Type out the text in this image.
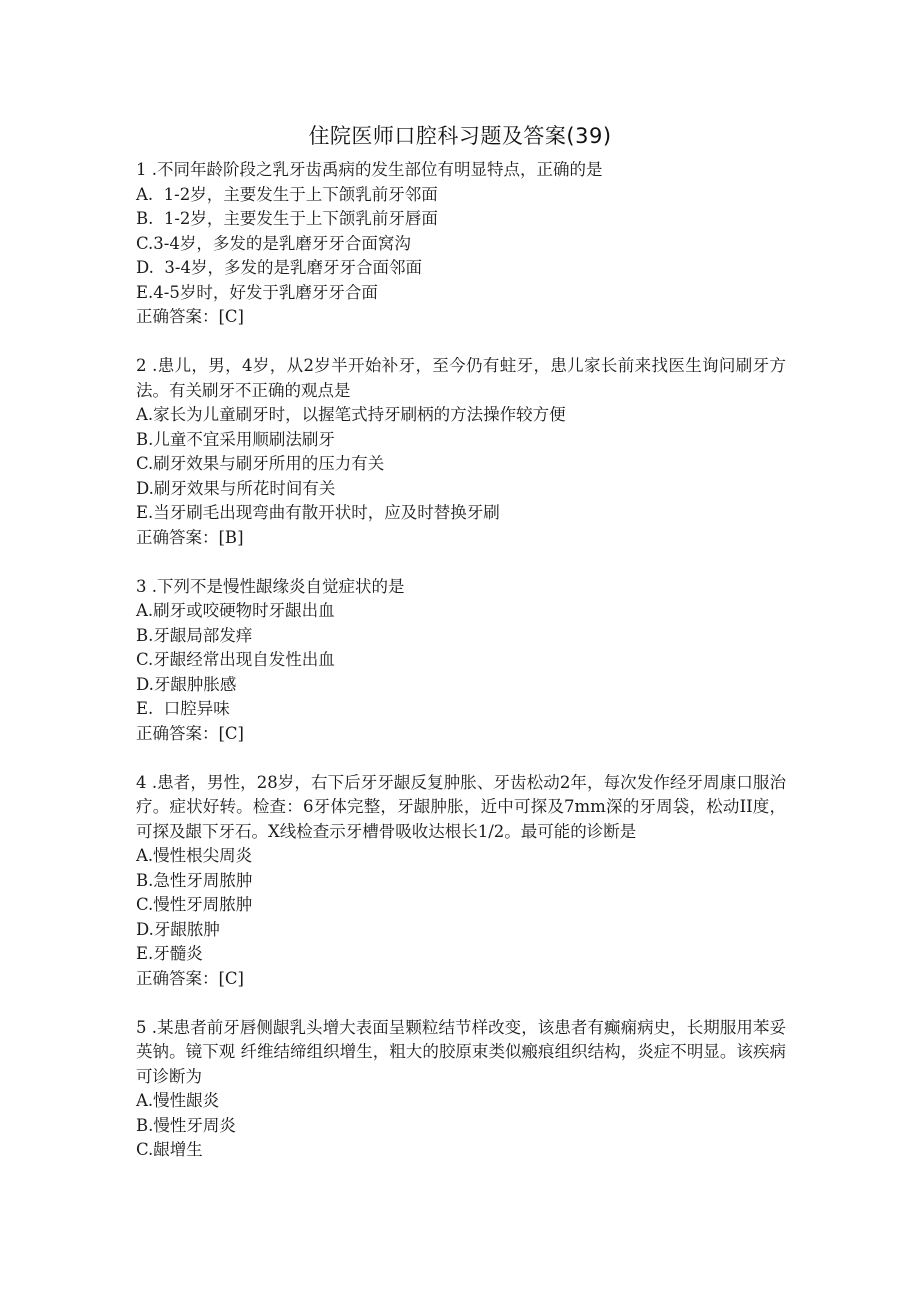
住院医师口腔科习题及答案(39)

1 .不同年龄阶段之乳牙齿禹病的发生部位有明显特点，正确的是

A.  1-2岁，主要发生于上下颌乳前牙邻面

B.  1-2岁，主要发生于上下颌乳前牙唇面

C.3-4岁，多发的是乳磨牙牙合面窝沟

D.  3-4岁，多发的是乳磨牙牙合面邻面

E.4-5岁时，好发于乳磨牙牙合面

正确答案：[C]

2 .患儿，男，4岁，从2岁半开始补牙，至今仍有蛀牙，患儿家长前来找医生询问刷牙方法。有关刷牙不正确的观点是

A.家长为儿童刷牙时，以握笔式持牙刷柄的方法操作较方便

B.儿童不宜采用顺刷法刷牙

C.刷牙效果与刷牙所用的压力有关

D.刷牙效果与所花时间有关

E.当牙刷毛出现弯曲有散开状时，应及时替换牙刷

正确答案：[B]

3 .下列不是慢性龈缘炎自觉症状的是

A.刷牙或咬硬物时牙龈出血

B.牙龈局部发痒

C.牙龈经常出现自发性出血

D.牙龈肿胀感

E.  口腔异味

正确答案：[C]

4 .患者，男性，28岁，右下后牙牙龈反复肿胀、牙齿松动2年，每次发作经牙周康口服治疗。症状好转。检查：6牙体完整，牙龈肿胀，近中可探及7mm深的牙周袋，松动II度，可探及龈下牙石。X线检查示牙槽骨吸收达根长1/2。最可能的诊断是

A.慢性根尖周炎

B.急性牙周脓肿

C.慢性牙周脓肿

D.牙龈脓肿

E.牙髓炎

正确答案：[C]

5 .某患者前牙唇侧龈乳头增大表面呈颗粒结节样改变，该患者有癫痫病史，长期服用苯妥英钠。镜下观 纤维结缔组织增生，粗大的胶原束类似瘢痕组织结构，炎症不明显。该疾病可诊断为

A.慢性龈炎

B.慢性牙周炎

C.龈增生
